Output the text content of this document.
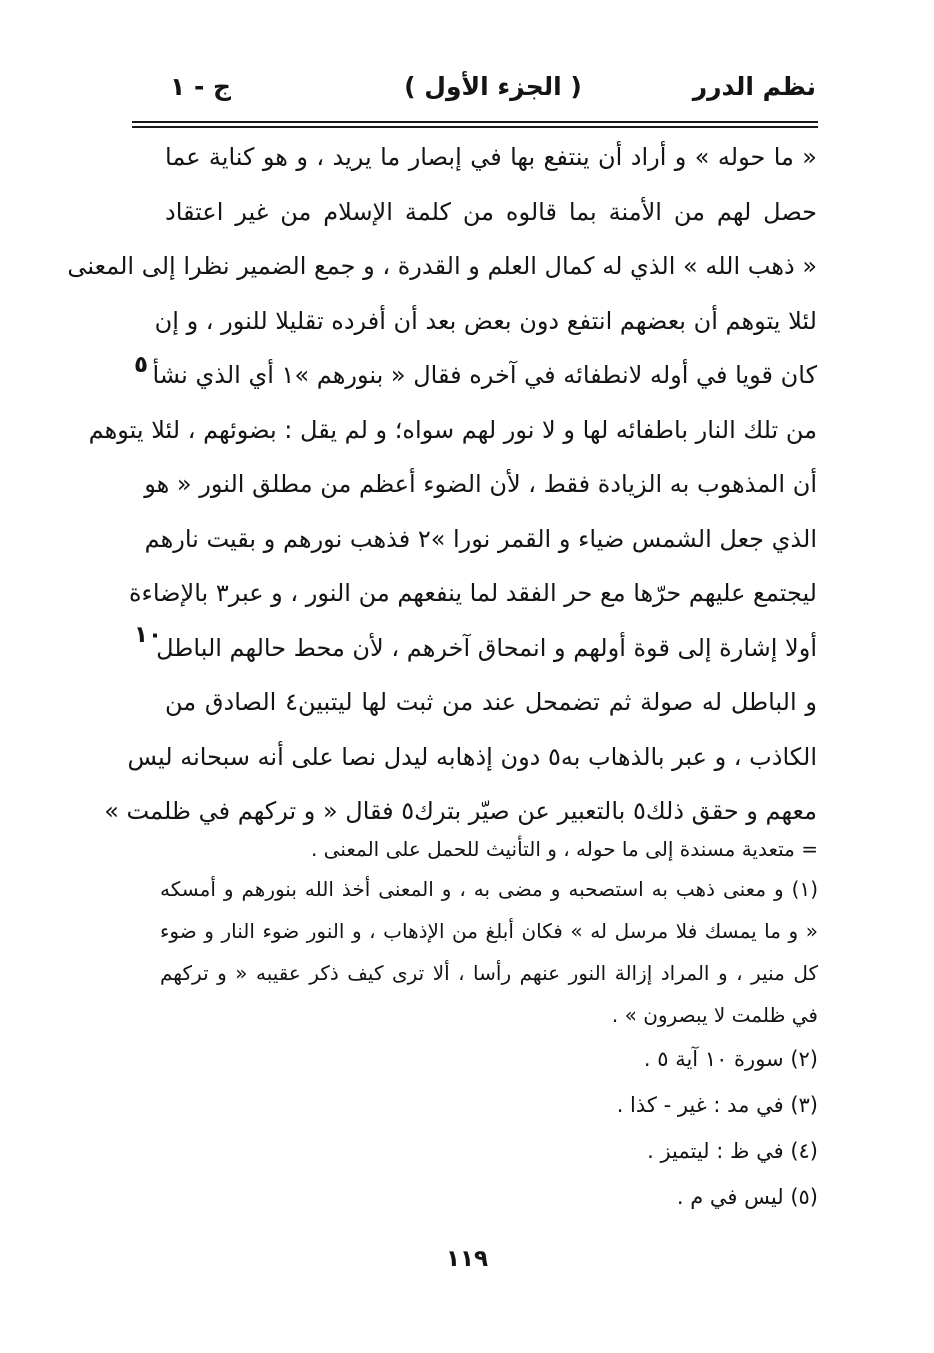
نظم الدرر
( الجزء الأول )
ج - ١
٥
١٠
« ما حوله » و أراد أن ينتفع بها في إبصار ما يريد ، و هو كناية عما
حصل لهم من الأمنة بما قالوه من كلمة الإسلام من غير اعتقاد
« ذهب الله » الذي له كمال العلم و القدرة ، و جمع الضمير نظرا إلى المعنى
لئلا يتوهم أن بعضهم انتفع دون بعض بعد أن أفرده تقليلا للنور ، و إن
كان قويا في أوله لانطفائه في آخره فقال « بنورهم »١ أي الذي نشأ
من تلك النار باطفائه لها و لا نور لهم سواه؛ و لم يقل : بضوئهم ، لئلا يتوهم
أن المذهوب به الزيادة فقط ، لأن الضوء أعظم من مطلق النور « هو
الذي جعل الشمس ضياء و القمر نورا »٢ فذهب نورهم و بقيت نارهم
ليجتمع عليهم حرّها مع حر الفقد لما ينفعهم من النور ، و عبر٣ بالإضاءة
أولا إشارة إلى قوة أولهم و انمحاق آخرهم ، لأن محط حالهم الباطل
و الباطل له صولة ثم تضمحل عند من ثبت لها ليتبين٤ الصادق من
الكاذب ، و عبر بالذهاب به٥ دون إذهابه ليدل نصا على أنه سبحانه ليس
معهم و حقق ذلك٥ بالتعبير عن صيّر بترك٥ فقال « و تركهم في ظلمت »
= متعدية مسندة إلى ما حوله ، و التأنيث للحمل على المعنى .
(١) و معنى ذهب به استصحبه و مضى به ، و المعنى أخذ الله بنورهم و أمسكه
« و ما يمسك فلا مرسل له » فكان أبلغ من الإذهاب ، و النور ضوء النار و ضوء
كل منير ، و المراد إزالة النور عنهم رأسا ، ألا ترى كيف ذكر عقيبه « و تركهم
في ظلمت لا يبصرون » .
(٢) سورة ١٠ آية ٥ .
(٣) في مد : غير - كذا .
(٤) في ظ : ليتميز .
(٥) ليس في م .
١١٩
